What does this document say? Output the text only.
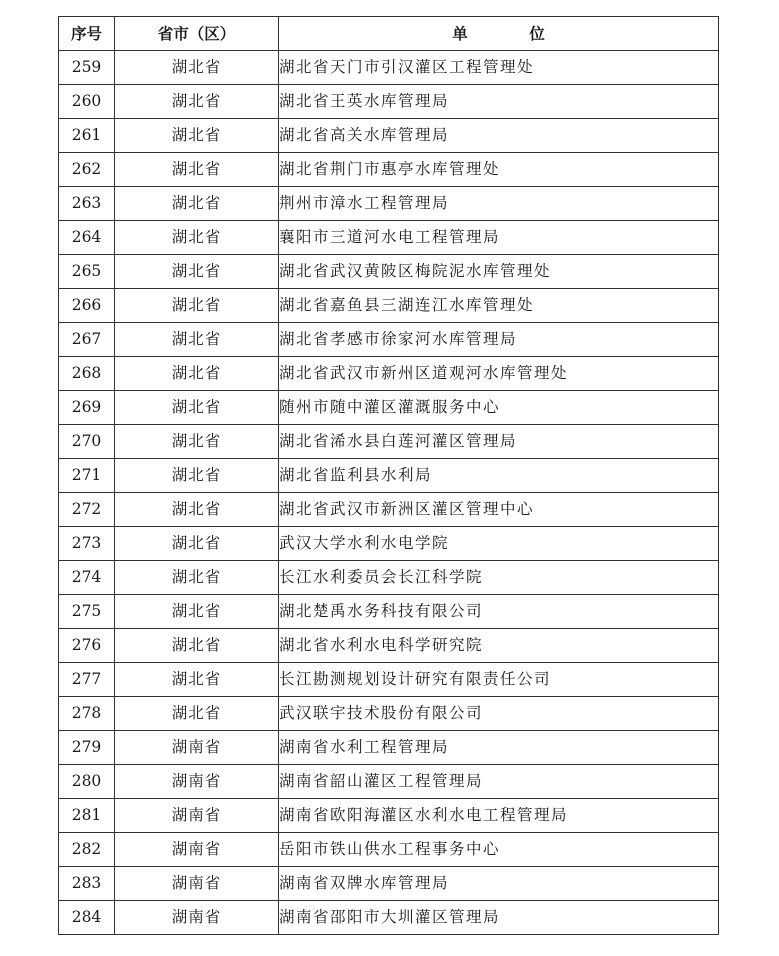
序号	省市（区）	单 位
259	湖北省	湖北省天门市引汉灌区工程管理处
260	湖北省	湖北省王英水库管理局
261	湖北省	湖北省高关水库管理局
262	湖北省	湖北省荆门市惠亭水库管理处
263	湖北省	荆州市漳水工程管理局
264	湖北省	襄阳市三道河水电工程管理局
265	湖北省	湖北省武汉黄陂区梅院泥水库管理处
266	湖北省	湖北省嘉鱼县三湖连江水库管理处
267	湖北省	湖北省孝感市徐家河水库管理局
268	湖北省	湖北省武汉市新州区道观河水库管理处
269	湖北省	随州市随中灌区灌溉服务中心
270	湖北省	湖北省浠水县白莲河灌区管理局
271	湖北省	湖北省监利县水利局
272	湖北省	湖北省武汉市新洲区灌区管理中心
273	湖北省	武汉大学水利水电学院
274	湖北省	长江水利委员会长江科学院
275	湖北省	湖北楚禹水务科技有限公司
276	湖北省	湖北省水利水电科学研究院
277	湖北省	长江勘测规划设计研究有限责任公司
278	湖北省	武汉联宇技术股份有限公司
279	湖南省	湖南省水利工程管理局
280	湖南省	湖南省韶山灌区工程管理局
281	湖南省	湖南省欧阳海灌区水利水电工程管理局
282	湖南省	岳阳市铁山供水工程事务中心
283	湖南省	湖南省双牌水库管理局
284	湖南省	湖南省邵阳市大圳灌区管理局
